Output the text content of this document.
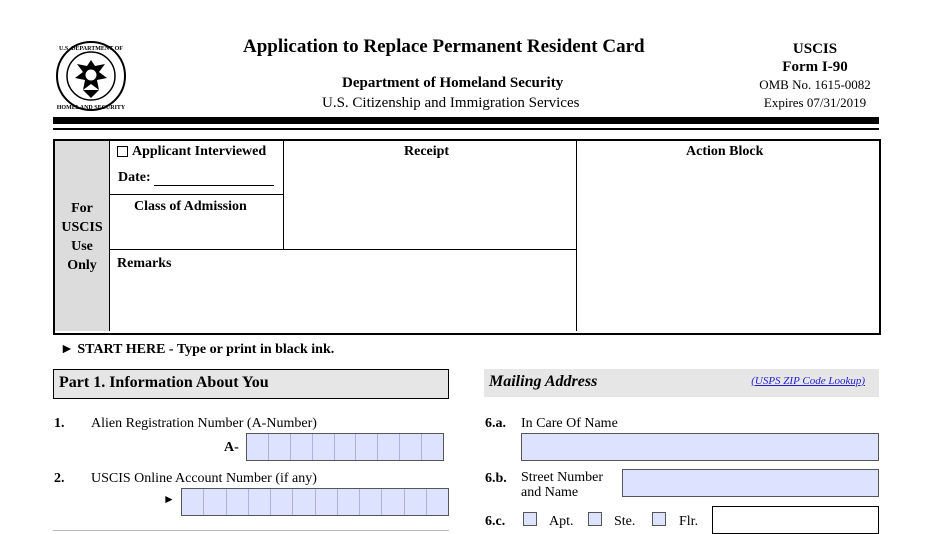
U.S. DEPARTMENT OF
HOMELAND SECURITY
Application to Replace Permanent Resident Card
Department of Homeland Security
U.S. Citizenship and Immigration Services
USCIS
Form I-90
OMB No. 1615-0082
Expires 07/31/2019
For
USCIS
Use
Only
Applicant Interviewed
Date:
Class of Admission
Receipt	Action Block
Remarks
► START HERE - Type or print in black ink.
Part 1. Information About You
1. Alien Registration Number (A-Number)
A-
2. USCIS Online Account Number (if any)
►
Mailing Address	(USPS ZIP Code Lookup)
6.a. In Care Of Name
6.b. Street Number
and Name
6.c.	Apt.	Ste.	Flr.
